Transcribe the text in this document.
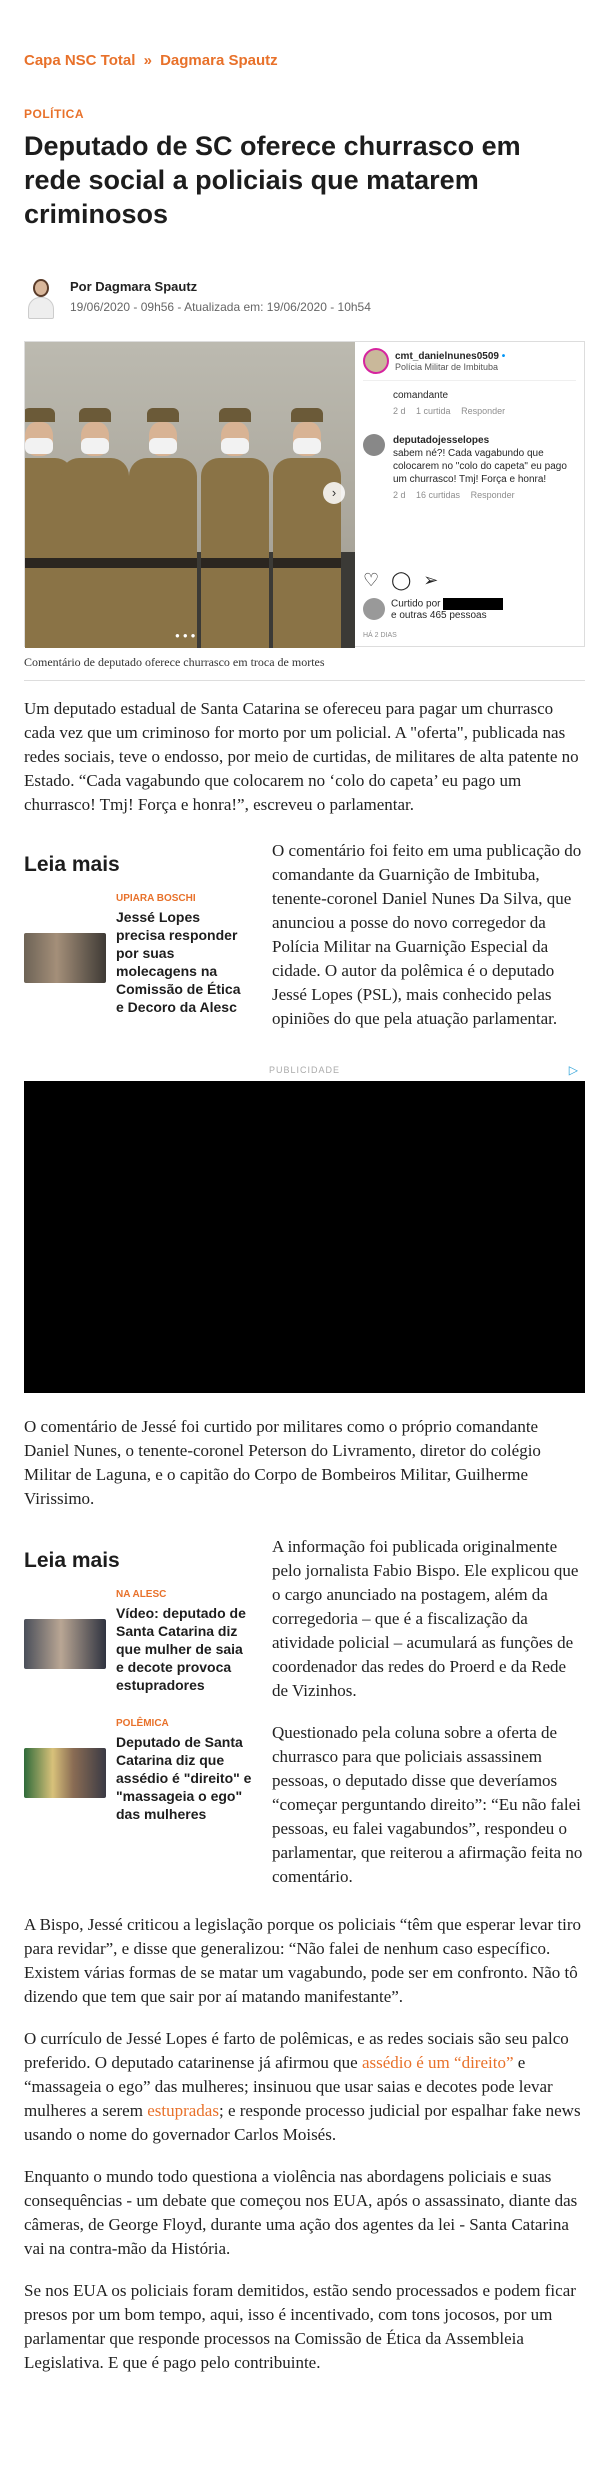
Capa NSC Total » Dagmara Spautz
POLÍTICA
Deputado de SC oferece churrasco em rede social a policiais que matarem criminosos
Por Dagmara Spautz
19/06/2020 - 09h56 - Atualizada em: 19/06/2020 - 10h54
›
●●●
cmt_danielnunes0509 •
Polícia Militar de Imbituba
comandante
2 d 1 curtida Responder
deputadojesselopes
sabem né?! Cada vagabundo que colocarem no "colo do capeta" eu pago um churrasco! Tmj! Força e honra!
2 d 16 curtidas Responder
♡ ◯ ➢
Curtido por
e outras 465 pessoas
HÁ 2 DIAS
Comentário de deputado oferece churrasco em troca de mortes

Um deputado estadual de Santa Catarina se ofereceu para pagar um churrasco cada vez que um criminoso for morto por um policial. A "oferta", publicada nas redes sociais, teve o endosso, por meio de curtidas, de militares de alta patente no Estado. “Cada vagabundo que colocarem no ‘colo do capeta’ eu pago um churrasco! Tmj! Força e honra!”, escreveu o parlamentar.

Leia mais
UPIARA BOSCHI
Jessé Lopes precisa responder por suas molecagens na Comissão de Ética e Decoro da Alesc

O comentário foi feito em uma publicação do comandante da Guarnição de Imbituba, tenente-coronel Daniel Nunes Da Silva, que anunciou a posse do novo corregedor da Polícia Militar na Guarnição Especial da cidade. O autor da polêmica é o deputado Jessé Lopes (PSL), mais conhecido pelas opiniões do que pela atuação parlamentar.

PUBLICIDADE	▷

O comentário de Jessé foi curtido por militares como o próprio comandante Daniel Nunes, o tenente-coronel Peterson do Livramento, diretor do colégio Militar de Laguna, e o capitão do Corpo de Bombeiros Militar, Guilherme Virissimo.

Leia mais
NA ALESC
Vídeo: deputado de Santa Catarina diz que mulher de saia e decote provoca estupradores
POLÊMICA
Deputado de Santa Catarina diz que assédio é "direito" e "massageia o ego" das mulheres

A informação foi publicada originalmente pelo jornalista Fabio Bispo. Ele explicou que o cargo anunciado na postagem, além da corregedoria – que é a fiscalização da atividade policial – acumulará as funções de coordenador das redes do Proerd e da Rede de Vizinhos.

Questionado pela coluna sobre a oferta de churrasco para que policiais assassinem pessoas, o deputado disse que deveríamos “começar perguntando direito”: “Eu não falei pessoas, eu falei vagabundos”, respondeu o parlamentar, que reiterou a afirmação feita no comentário.

A Bispo, Jessé criticou a legislação porque os policiais “têm que esperar levar tiro para revidar”, e disse que generalizou: “Não falei de nenhum caso específico. Existem várias formas de se matar um vagabundo, pode ser em confronto. Não tô dizendo que tem que sair por aí matando manifestante”.

O currículo de Jessé Lopes é farto de polêmicas, e as redes sociais são seu palco preferido. O deputado catarinense já afirmou que assédio é um “direito” e “massageia o ego” das mulheres; insinuou que usar saias e decotes pode levar mulheres a serem estupradas; e responde processo judicial por espalhar fake news usando o nome do governador Carlos Moisés.

Enquanto o mundo todo questiona a violência nas abordagens policiais e suas consequências - um debate que começou nos EUA, após o assassinato, diante das câmeras, de George Floyd, durante uma ação dos agentes da lei - Santa Catarina vai na contra-mão da História.

Se nos EUA os policiais foram demitidos, estão sendo processados e podem ficar presos por um bom tempo, aqui, isso é incentivado, com tons jocosos, por um parlamentar que responde processos na Comissão de Ética da Assembleia Legislativa. E que é pago pelo contribuinte.
